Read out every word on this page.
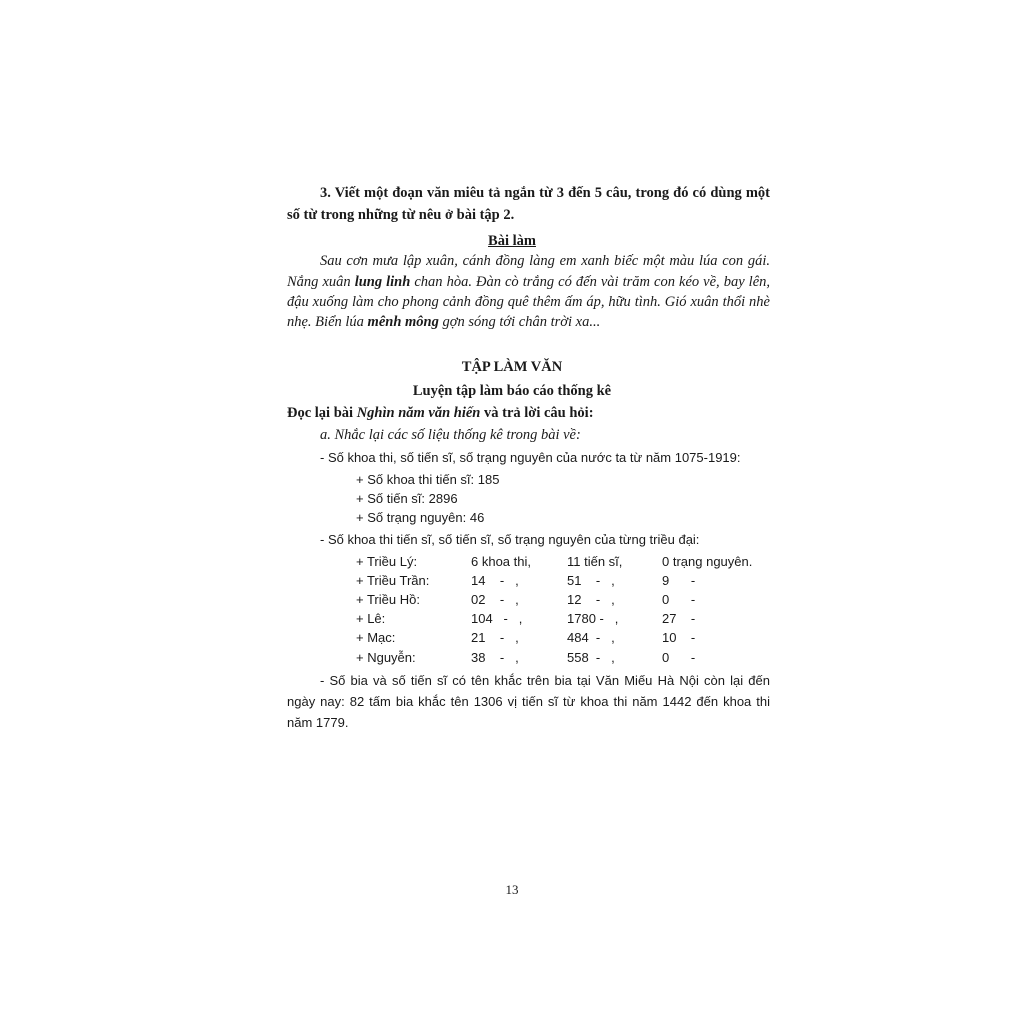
3. Viết một đoạn văn miêu tả ngắn từ 3 đến 5 câu, trong đó có dùng một
số từ trong những từ nêu ở bài tập 2.
Bài làm
Sau cơn mưa lập xuân, cánh đồng làng em xanh biếc một màu lúa con gái.
Nắng xuân lung linh chan hòa. Đàn cò trắng có đến vài trăm con kéo về, bay lên,
đậu xuống làm cho phong cảnh đồng quê thêm ấm áp, hữu tình. Gió xuân thổi nhè
nhẹ. Biển lúa mênh mông gợn sóng tới chân trời xa...
TẬP LÀM VĂN
Luyện tập làm báo cáo thống kê
Đọc lại bài Nghìn năm văn hiến và trả lời câu hỏi:
a. Nhắc lại các số liệu thống kê trong bài về:
- Số khoa thi, số tiến sĩ, số trạng nguyên của nước ta từ năm 1075-1919:
+ Số khoa thi tiến sĩ: 185
+ Số tiến sĩ: 2896
+ Số trạng nguyên: 46
- Số khoa thi tiến sĩ, số tiến sĩ, số trạng nguyên của từng triều đại:
+ Triều Lý:	6 khoa thi,	11 tiến sĩ,	0 trạng nguyên.
+ Triều Trần:	14    -   ,	51    -   ,	9      -
+ Triều Hồ:	02    -   ,	12    -   ,	0      -
+ Lê:	104   -   ,	1780 -   ,	27    -
+ Mạc:	21    -   ,	484  -   ,	10    -
+ Nguyễn:	38    -   ,	558  -   ,	0      -
- Số bia và số tiến sĩ có tên khắc trên bia tại Văn Miếu Hà Nội còn lại đến
ngày nay: 82 tấm bia khắc tên 1306 vị tiến sĩ từ khoa thi năm 1442 đến khoa thi
năm 1779.
13
